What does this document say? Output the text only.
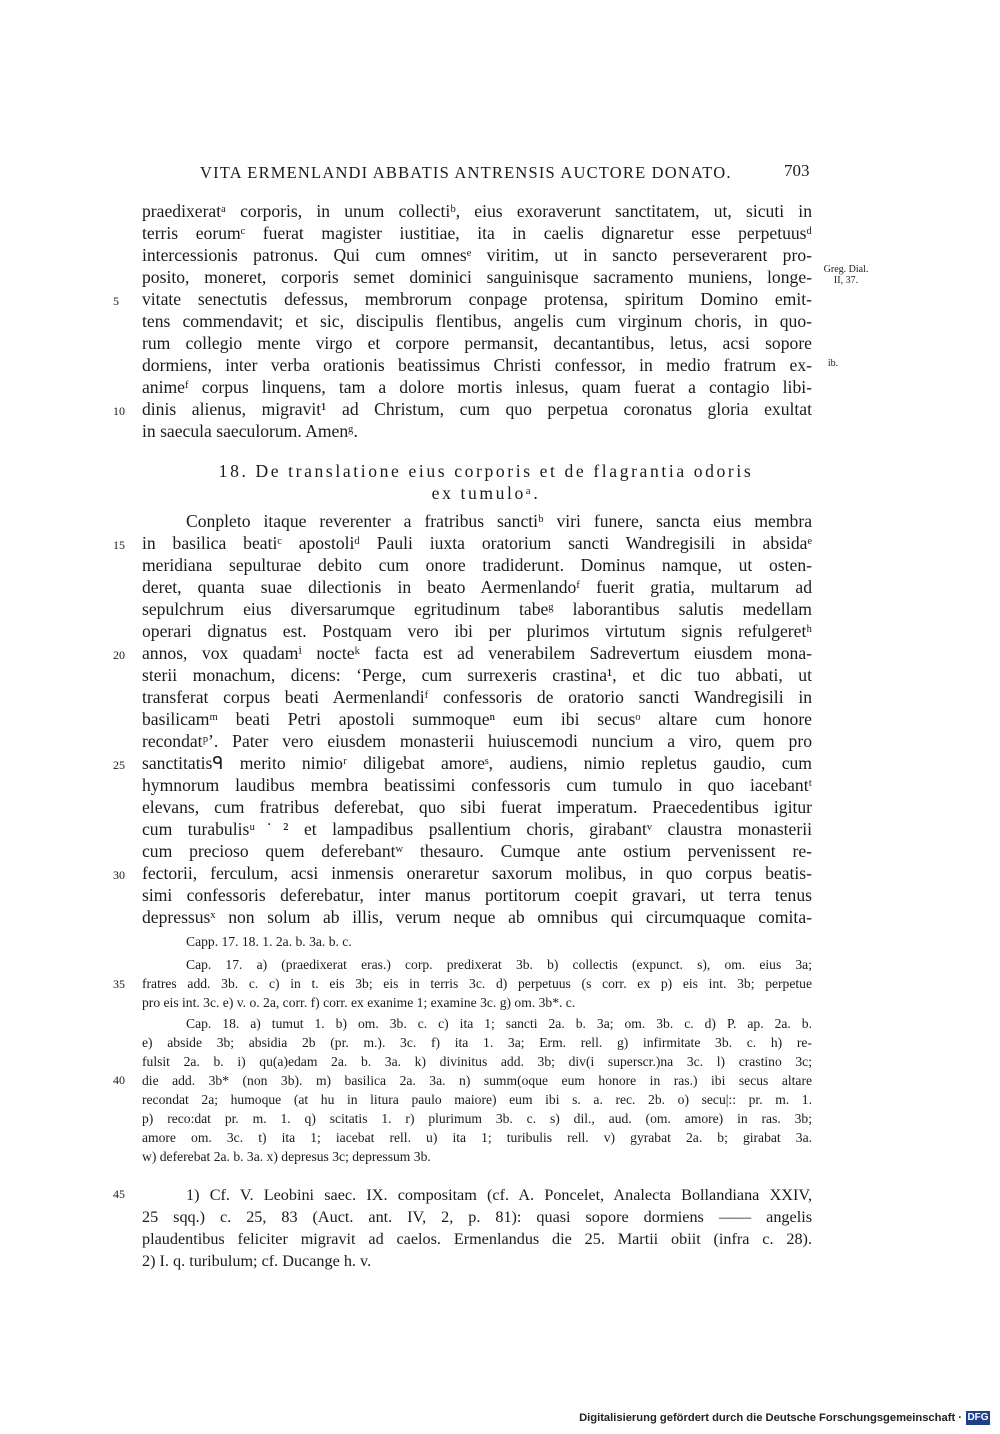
VITA ERMENLANDI ABBATIS ANTRENSIS AUCTORE DONATO.	703
praedixeratᵃ corporis, in unum collectiᵇ, eius exoraverunt sanctitatem, ut, sicuti in
terris eorumᶜ fuerat magister iustitiae, ita in caelis dignaretur esse perpetuusᵈ
intercessionis patronus. Qui cum omnesᵉ viritim, ut in sancto perseverarent pro-
posito, moneret, corporis semet dominici sanguinisque sacramento muniens, longe-
vitate senectutis defessus, membrorum conpage protensa, spiritum Domino emit-
tens commendavit; et sic, discipulis flentibus, angelis cum virginum choris, in quo-
rum collegio mente virgo et corpore permansit, decantantibus, letus, acsi sopore
dormiens, inter verba orationis beatissimus Christi confessor, in medio fratrum ex-
animeᶠ corpus linquens, tam a dolore mortis inlesus, quam fuerat a contagio libi-
dinis alienus, migravit¹ ad Christum, cum quo perpetua coronatus gloria exultat
in saecula saeculorum. Amenᵍ.
Greg. Dial.
II, 37.
ib.
18. De translatione eius corporis et de flagrantia odoris
ex tumuloᵃ.
Conpleto itaque reverenter a fratribus sanctiᵇ viri funere, sancta eius membra
in basilica beatiᶜ apostoliᵈ Pauli iuxta oratorium sancti Wandregisili in absidaᵉ
meridiana sepulturae debito cum onore tradiderunt. Dominus namque, ut osten-
deret, quanta suae dilectionis in beato Aermenlandoᶠ fuerit gratia, multarum ad
sepulchrum eius diversarumque egritudinum tabeᵍ laborantibus salutis medellam
operari dignatus est. Postquam vero ibi per plurimos virtutum signis refulgeretʰ
annos, vox quadamⁱ nocteᵏ facta est ad venerabilem Sadrevertum eiusdem mona-
sterii monachum, dicens: ‘Perge, cum surrexeris crastina¹, et dic tuo abbati, ut
transferat corpus beati Aermenlandiᶠ confessoris de oratorio sancti Wandregisili in
basilicamᵐ beati Petri apostoli summoqueⁿ eum ibi secusᵒ altare cum honore
recondatᵖ’. Pater vero eiusdem monasterii huiuscemodi nuncium a viro, quem pro
sanctitatisᑫ merito nimioʳ diligebat amoreˢ, audiens, nimio repletus gaudio, cum
hymnorum laudibus membra beatissimi confessoris cum tumulo in quo iacebantᵗ
elevans, cum fratribus deferebat, quo sibi fuerat imperatum. Praecedentibus igitur
cum turabulisᵘ˙² et lampadibus psallentium choris, girabantᵛ claustra monasterii
cum precioso quem deferebantʷ thesauro. Cumque ante ostium pervenissent re-
fectorii, ferculum, acsi inmensis oneraretur saxorum molibus, in quo corpus beatis-
simi confessoris deferebatur, inter manus portitorum coepit gravari, ut terra tenus
depressusˣ non solum ab illis, verum neque ab omnibus qui circumquaque comita-
5
10
15
20
25
30
35
40
45
Capp. 17. 18. 1. 2a. b. 3a. b. c.
Cap. 17. a) (praedixerat eras.) corp. predixerat 3b. b) collectis (expunct. s), om. eius 3a;
fratres add. 3b. c. c) in t. eis 3b; eis in terris 3c. d) perpetuus (s corr. ex p) eis int. 3b; perpetue
pro eis int. 3c. e) v. o. 2a, corr. f) corr. ex exanime 1; examine 3c. g) om. 3b*. c.
Cap. 18. a) tumut 1. b) om. 3b. c. c) ita 1; sancti 2a. b. 3a; om. 3b. c. d) P. ap. 2a. b.
e) abside 3b; absidia 2b (pr. m.). 3c. f) ita 1. 3a; Erm. rell. g) infirmitate 3b. c. h) re-
fulsit 2a. b. i) qu(a)edam 2a. b. 3a. k) divinitus add. 3b; div(i superscr.)na 3c. l) crastino 3c;
die add. 3b* (non 3b). m) basilica 2a. 3a. n) summ(oque eum honore in ras.) ibi secus altare
recondat 2a; humoque (at hu in litura paulo maiore) eum ibi s. a. rec. 2b. o) secu|:: pr. m. 1.
p) reco:dat pr. m. 1. q) scitatis 1. r) plurimum 3b. c. s) dil., aud. (om. amore) in ras. 3b;
amore om. 3c. t) ita 1; iacebat rell. u) ita 1; turibulis rell. v) gyrabat 2a. b; girabat 3a.
w) deferebat 2a. b. 3a. x) depresus 3c; depressum 3b.
1) Cf. V. Leobini saec. IX. compositam (cf. A. Poncelet, Analecta Bollandiana XXIV,
25 sqq.) c. 25, 83 (Auct. ant. IV, 2, p. 81): quasi sopore dormiens —— angelis
plaudentibus feliciter migravit ad caelos. Ermenlandus die 25. Martii obiit (infra c. 28).
2) I. q. turibulum; cf. Ducange h. v.
Digitalisierung gefördert durch die Deutsche Forschungsgemeinschaft · DFG
